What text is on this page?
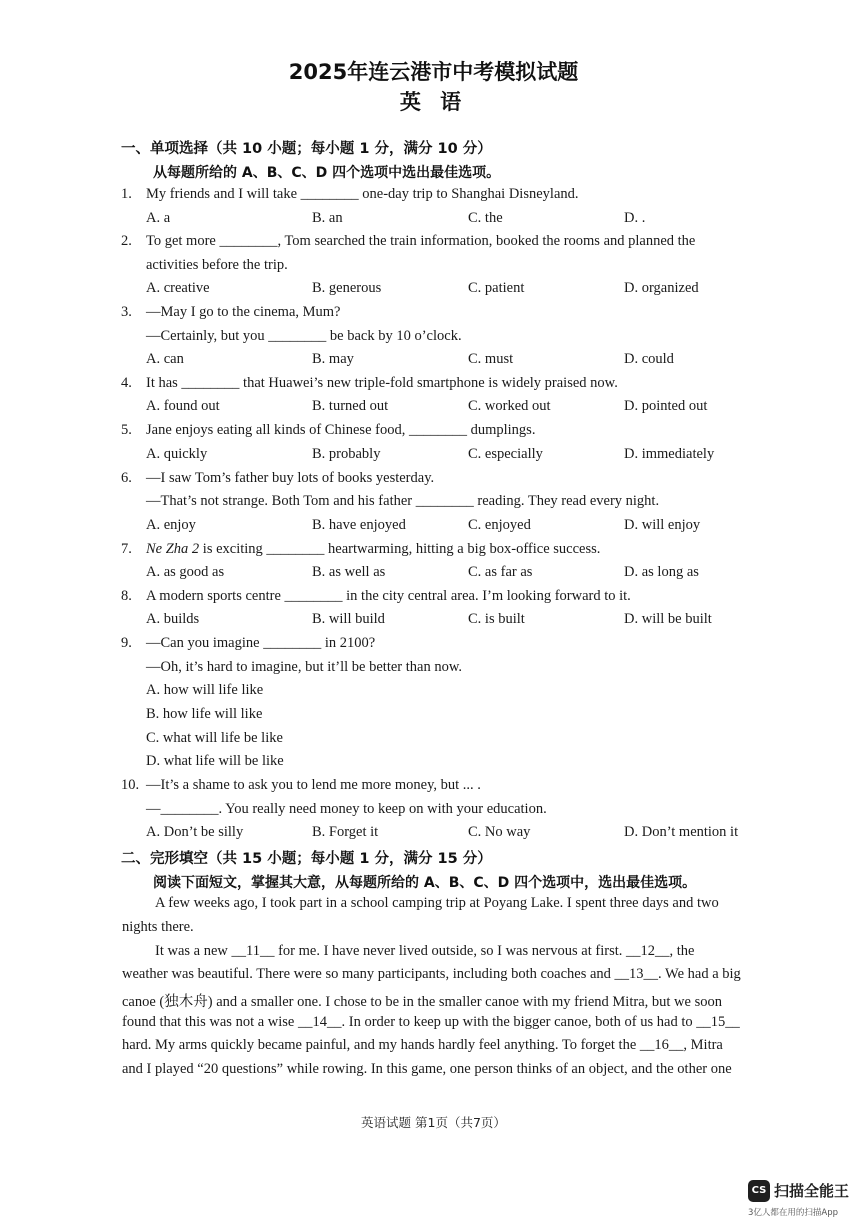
2025年连云港市中考模拟试题
英 语
一、单项选择（共 10 小题；每小题 1 分，满分 10 分）
从每题所给的 A、B、C、D 四个选项中选出最佳选项。
1. My friends and I will take ________ one-day trip to Shanghai Disneyland.
A. a	B. an	C. the	D. .
2. To get more ________, Tom searched the train information, booked the rooms and planned the
activities before the trip.
A. creative	B. generous	C. patient	D. organized
3. —May I go to the cinema, Mum?
—Certainly, but you ________ be back by 10 o’clock.
A. can	B. may	C. must	D. could
4. It has ________ that Huawei’s new triple-fold smartphone is widely praised now.
A. found out	B. turned out	C. worked out	D. pointed out
5. Jane enjoys eating all kinds of Chinese food, ________ dumplings.
A. quickly	B. probably	C. especially	D. immediately
6. —I saw Tom’s father buy lots of books yesterday.
—That’s not strange. Both Tom and his father ________ reading. They read every night.
A. enjoy	B. have enjoyed	C. enjoyed	D. will enjoy
7. Ne Zha 2 is exciting ________ heartwarming, hitting a big box-office success.
A. as good as	B. as well as	C. as far as	D. as long as
8. A modern sports centre ________ in the city central area. I’m looking forward to it.
A. builds	B. will build	C. is built	D. will be built
9. —Can you imagine ________ in 2100?
—Oh, it’s hard to imagine, but it’ll be better than now.
A. how will life like
B. how life will like
C. what will life be like
D. what life will be like
10. —It’s a shame to ask you to lend me more money, but ... .
—________. You really need money to keep on with your education.
A. Don’t be silly	B. Forget it	C. No way	D. Don’t mention it
二、完形填空（共 15 小题；每小题 1 分，满分 15 分）
阅读下面短文，掌握其大意，从每题所给的 A、B、C、D 四个选项中，选出最佳选项。
A few weeks ago, I took part in a school camping trip at Poyang Lake. I spent three days and two
nights there.
It was a new __11__ for me. I have never lived outside, so I was nervous at first. __12__, the
weather was beautiful. There were so many participants, including both coaches and __13__. We had a big
canoe (独木舟) and a smaller one. I chose to be in the smaller canoe with my friend Mitra, but we soon
found that this was not a wise __14__. In order to keep up with the bigger canoe, both of us had to __15__
hard. My arms quickly became painful, and my hands hardly feel anything. To forget the __16__, Mitra
and I played “20 questions” while rowing. In this game, one person thinks of an object, and the other one
英语试题 第1页（共7页）
CS 扫描全能王
3亿人都在用的扫描App
